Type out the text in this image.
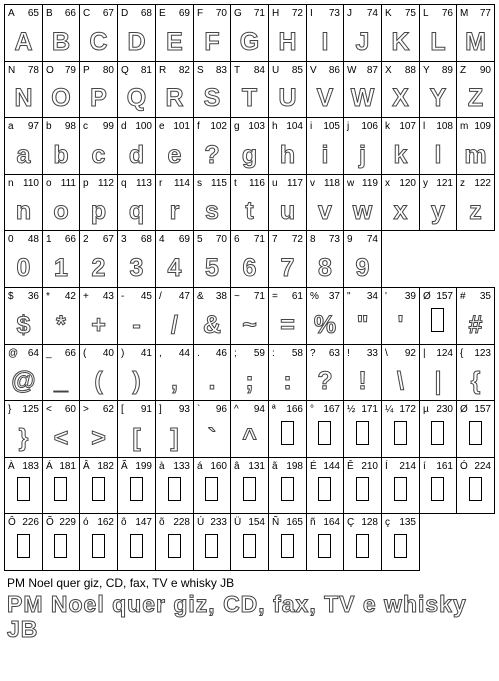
A 65
A
B 66
B
C 67
C
D 68
D
E 69
E
F 70
F
G 71
G
H 72
H
I 73
I
J 74
J
K 75
K
L 76
L
M 77
M
N 78
N
O 79
O
P 80
P
Q 81
Q
R 82
R
S 83
S
T 84
T
U 85
U
V 86
V
W 87
W
X 88
X
Y 89
Y
Z 90
Z
a 97
a
b 98
b
c 99
c
d 100
d
e 101
e
f 102
?
g 103
g
h 104
h
i 105
i
j 106
j
k 107
k
l 108
l
m 109
m
n 110
n
o 111
o
p 112
p
q 113
q
r 114
r
s 115
s
t 116
t
u 117
u
v 118
v
w 119
w
x 120
x
y 121
y
z 122
z
0 48
0
1 66
1
2 67
2
3 68
3
4 69
4
5 70
5
6 71
6
7 72
7
8 73
8
9 74
9
$ 36
$
* 42
*
+ 43
+
- 45
-
/ 47
/
& 38
&
~ 71
~
= 61
=
% 37
%
" 34
"
' 39
'
Ø 157 # 35
#
@ 64
@
_ 66
_
( 40
(
) 41
)
, 44
,
. 46
.
; 59
;
: 58
:
? 63
?
! 33
!
\ 92
\
| 124
|
{ 123
{
} 125
}
< 60
<
> 62
>
[ 91
[
] 93
]
` 96
`
^ 94
^
ª 166 ° 167 ½ 171 ¼ 172 µ 230 Ø 157
À 183 Á 181 Â 182 Ã 199 à 133 á 160 â 131 ã 198 É 144 Ê 210 Í 214 í 161 Ó 224
Ô 226 Õ 229 ó 162 ô 147 õ 228 Ú 233 Ü 154 Ñ 165 ñ 164 Ç 128 ç 135
PM Noel quer giz, CD, fax, TV e whisky JB
PM Noel quer giz, CD, fax, TV e whisky JB
